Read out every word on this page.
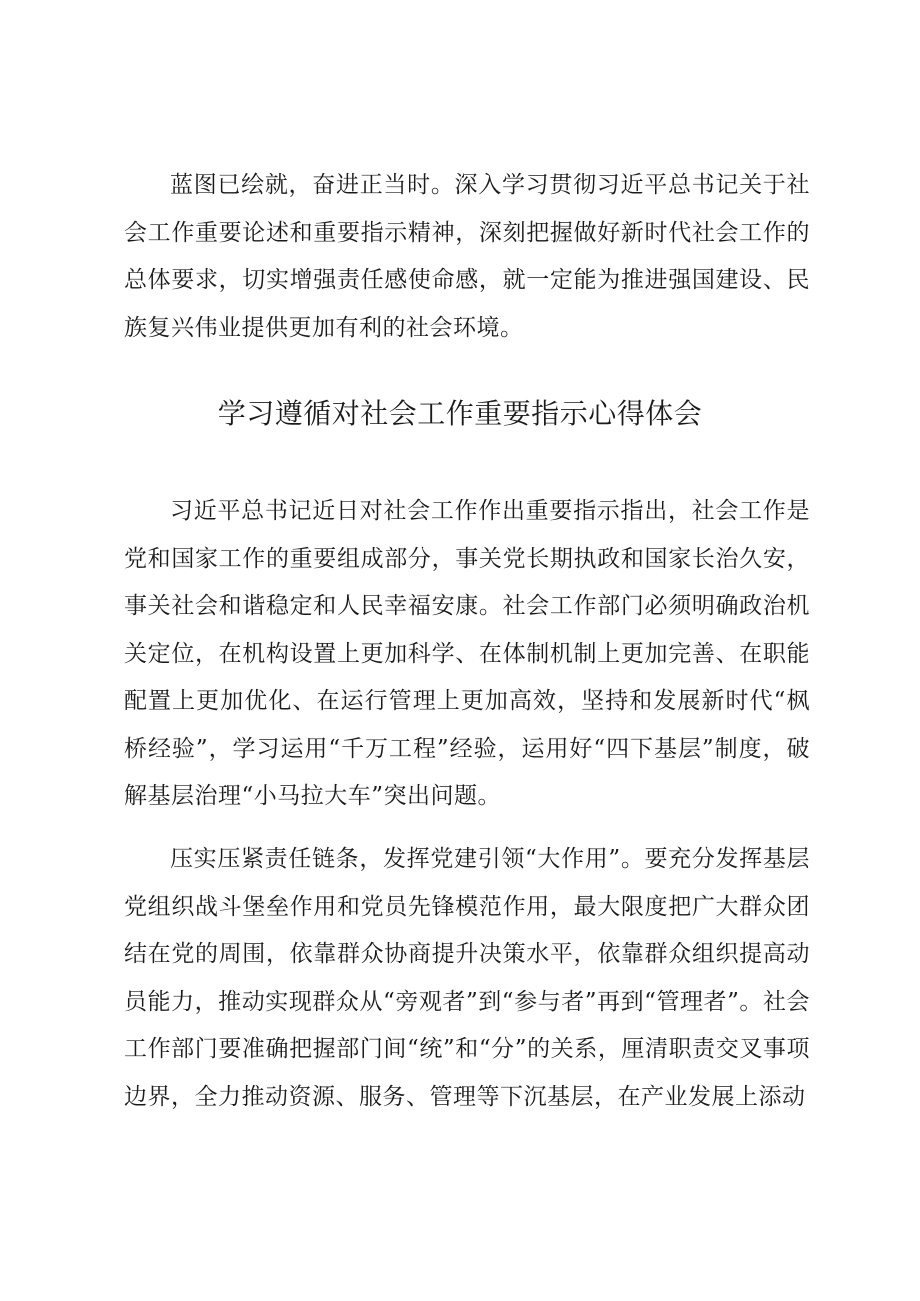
蓝图已绘就，奋进正当时。深入学习贯彻习近平总书记关于社会工作重要论述和重要指示精神，深刻把握做好新时代社会工作的总体要求，切实增强责任感使命感，就一定能为推进强国建设、民族复兴伟业提供更加有利的社会环境。

学习遵循对社会工作重要指示心得体会

习近平总书记近日对社会工作作出重要指示指出，社会工作是党和国家工作的重要组成部分，事关党长期执政和国家长治久安，事关社会和谐稳定和人民幸福安康。社会工作部门必须明确政治机关定位，在机构设置上更加科学、在体制机制上更加完善、在职能配置上更加优化、在运行管理上更加高效，坚持和发展新时代“枫桥经验”，学习运用“千万工程”经验，运用好“四下基层”制度，破解基层治理“小马拉大车”突出问题。

压实压紧责任链条，发挥党建引领“大作用”。要充分发挥基层党组织战斗堡垒作用和党员先锋模范作用，最大限度把广大群众团结在党的周围，依靠群众协商提升决策水平，依靠群众组织提高动员能力，推动实现群众从“旁观者”到“参与者”再到“管理者”。社会工作部门要准确把握部门间“统”和“分”的关系，厘清职责交叉事项边界，全力推动资源、服务、管理等下沉基层，在产业发展上添动
